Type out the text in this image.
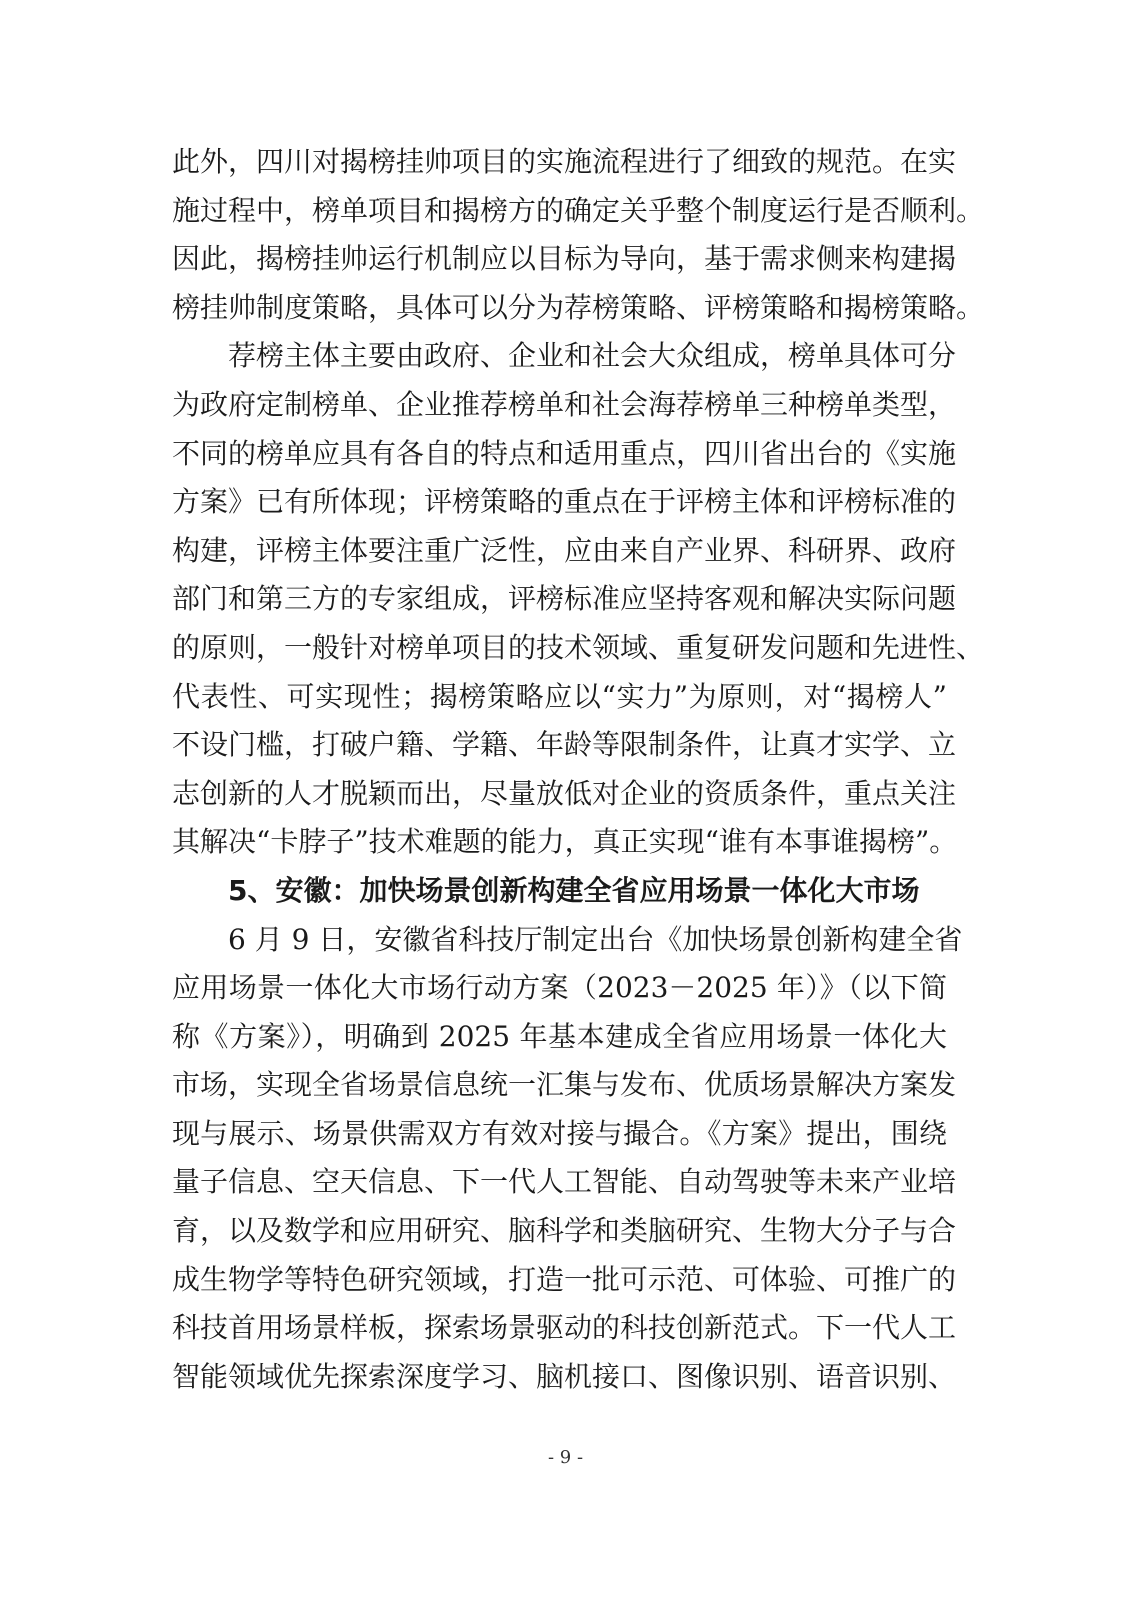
此外，四川对揭榜挂帅项目的实施流程进行了细致的规范。在实
施过程中，榜单项目和揭榜方的确定关乎整个制度运行是否顺利。
因此，揭榜挂帅运行机制应以目标为导向，基于需求侧来构建揭
榜挂帅制度策略，具体可以分为荐榜策略、评榜策略和揭榜策略。
　　荐榜主体主要由政府、企业和社会大众组成，榜单具体可分
为政府定制榜单、企业推荐榜单和社会海荐榜单三种榜单类型，
不同的榜单应具有各自的特点和适用重点，四川省出台的《实施
方案》已有所体现；评榜策略的重点在于评榜主体和评榜标准的
构建，评榜主体要注重广泛性，应由来自产业界、科研界、政府
部门和第三方的专家组成，评榜标准应坚持客观和解决实际问题
的原则，一般针对榜单项目的技术领域、重复研发问题和先进性、
代表性、可实现性；揭榜策略应以“实力”为原则，对“揭榜人”
不设门槛，打破户籍、学籍、年龄等限制条件，让真才实学、立
志创新的人才脱颖而出，尽量放低对企业的资质条件，重点关注
其解决“卡脖子”技术难题的能力，真正实现“谁有本事谁揭榜”。
5、安徽：加快场景创新构建全省应用场景一体化大市场
　　6 月 9 日，安徽省科技厅制定出台《加快场景创新构建全省
应用场景一体化大市场行动方案（2023－2025 年）》（以下简
称《方案》），明确到 2025 年基本建成全省应用场景一体化大
市场，实现全省场景信息统一汇集与发布、优质场景解决方案发
现与展示、场景供需双方有效对接与撮合。《方案》提出，围绕
量子信息、空天信息、下一代人工智能、自动驾驶等未来产业培
育，以及数学和应用研究、脑科学和类脑研究、生物大分子与合
成生物学等特色研究领域，打造一批可示范、可体验、可推广的
科技首用场景样板，探索场景驱动的科技创新范式。下一代人工
智能领域优先探索深度学习、脑机接口、图像识别、语音识别、
- 9 -
